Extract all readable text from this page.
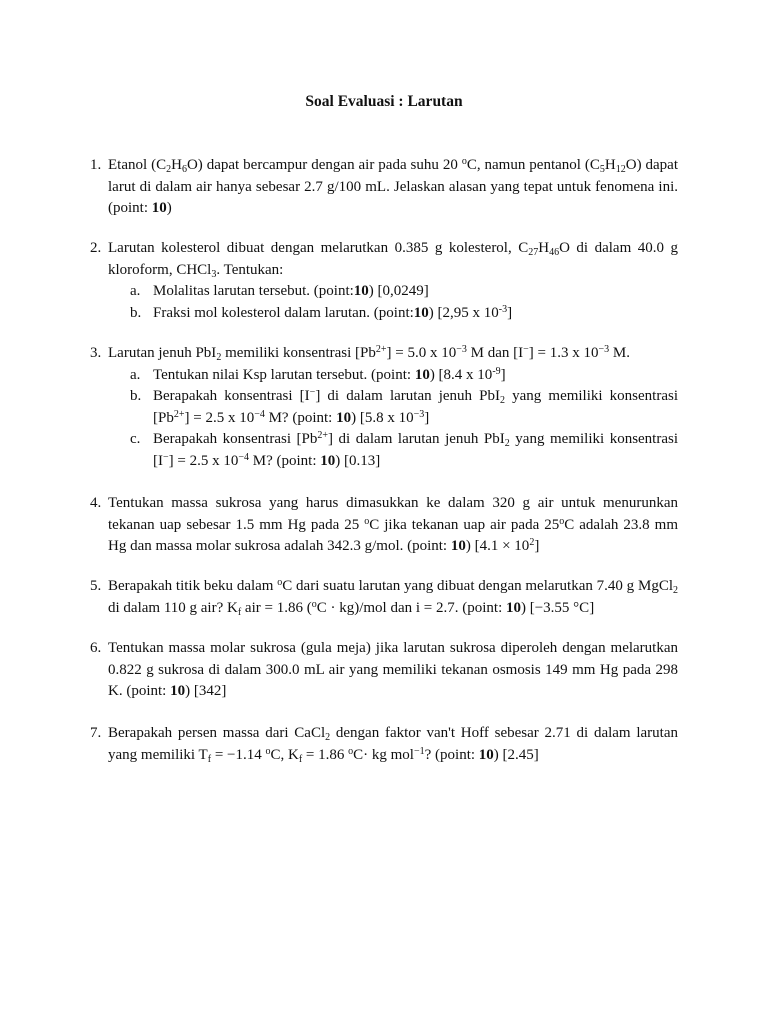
Soal Evaluasi : Larutan
1. Etanol $(C_2H_6O)$ dapat bercampur dengan air pada suhu 20 $^o$C, namun pentanol $(C_5H_{12}O)$ dapat larut di dalam air hanya sebesar 2.7 g/100 mL. Jelaskan alasan yang tepat untuk fenomena ini. (point: 10)
2. Larutan kolesterol dibuat dengan melarutkan 0.385 g kolesterol, $C_{27}H_{46}O$ di dalam 40.0 g kloroform, CHCl$_3$. Tentukan:
a. Molalitas larutan tersebut. (point:10) [0,0249]
b. Fraksi mol kolesterol dalam larutan. (point:10) [2,95 x $10^{-3}$]
3. Larutan jenuh PbI$_2$ memiliki konsentrasi $[Pb^{2+}] = 5.0$ x $10^{-3}$ M dan [I−] = 1.3 x $10^{-3}$ M.
a. Tentukan nilai Ksp larutan tersebut. (point: 10) [8.4 x $10^{-9}$]
b. Berapakah konsentrasi [I−] di dalam larutan jenuh PbI$_2$ yang memiliki konsentrasi $[Pb^{2+}] = 2.5$ x $10^{-4}$ M? (point: 10) [5.8 x $10^{-3}$]
c. Berapakah konsentrasi $[Pb^{2+}]$ di dalam larutan jenuh PbI$_2$ yang memiliki konsentrasi [I−] = 2.5 x $10^{-4}$ M? (point: 10) [0.13]
4. Tentukan massa sukrosa yang harus dimasukkan ke dalam 320 g air untuk menurunkan tekanan uap sebesar 1.5 mm Hg pada 25 $^o$C jika tekanan uap air pada 25$^o$C adalah 23.8 mm Hg dan massa molar sukrosa adalah 342.3 g/mol. (point: 10) $[4.1 \times 10^2]$
5. Berapakah titik beku dalam $^o$C dari suatu larutan yang dibuat dengan melarutkan 7.40 g MgCl$_2$ di dalam 110 g air? $K_f$ air = 1.86 ($^o$C · kg)/mol dan i = 2.7. (point: 10) [−3.55 °C]
6. Tentukan massa molar sukrosa (gula meja) jika larutan sukrosa diperoleh dengan melarutkan 0.822 g sukrosa di dalam 300.0 mL air yang memiliki tekanan osmosis 149 mm Hg pada 298 K. (point: 10) [342]
7. Berapakah persen massa dari CaCl$_2$ dengan faktor van't Hoff sebesar 2.71 di dalam larutan yang memiliki $T_f = -1.14$ $^o$C, $K_f = 1.86$ $^o$C· kg mol$^{-1}$? (point: 10) [2.45]
